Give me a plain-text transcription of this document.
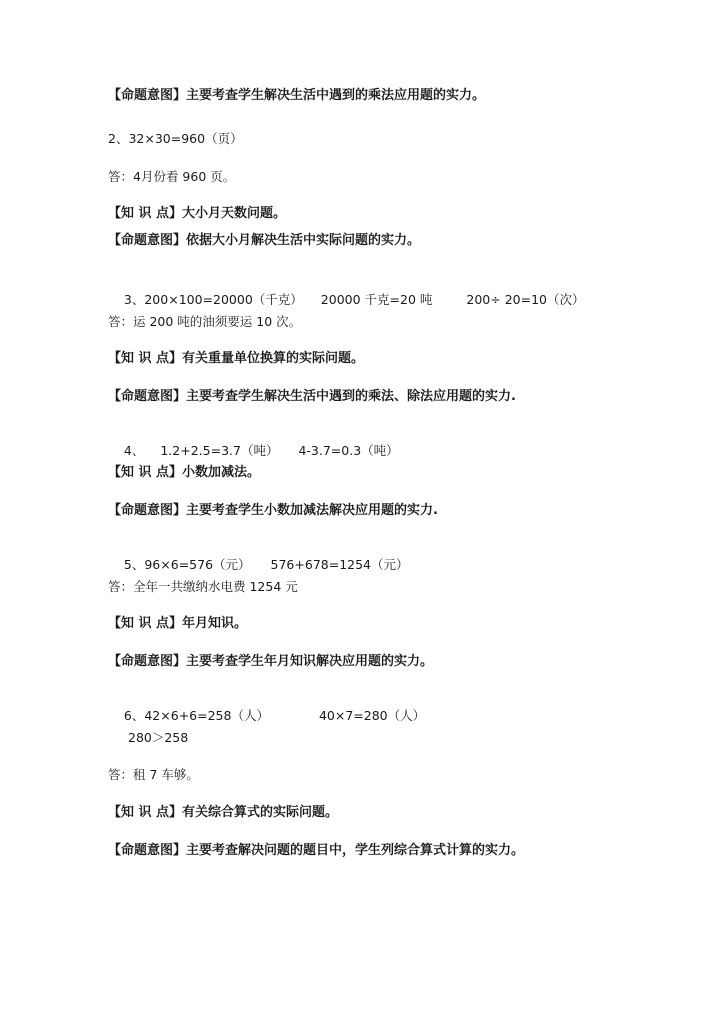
【命题意图】主要考查学生解决生活中遇到的乘法应用题的实力。
2、32×30=960（页）
答：4月份看 960 页。
【知 识 点】大小月天数问题。
【命题意图】依据大小月解决生活中实际问题的实力。

3、200×100=20000（千克） 20000 千克=20 吨	200÷ 20=10（次）

答：运 200 吨的油须要运 10 次。
【知 识 点】有关重量单位换算的实际问题。
【命题意图】主要考查学生解决生活中遇到的乘法、除法应用题的实力.

4、 1.2+2.5=3.7（吨） 4-3.7=0.3（吨）

【知 识 点】小数加减法。
【命题意图】主要考查学生小数加减法解决应用题的实力.

5、96×6=576（元） 576+678=1254（元）

答：全年一共缴纳水电费 1254 元
【知 识 点】年月知识。
【命题意图】主要考查学生年月知识解决应用题的实力。

6、42×6+6=258（人）	40×7=280（人）

280＞258
答：租 7 车够。
【知 识 点】有关综合算式的实际问题。
【命题意图】主要考查解决问题的题目中，学生列综合算式计算的实力。
